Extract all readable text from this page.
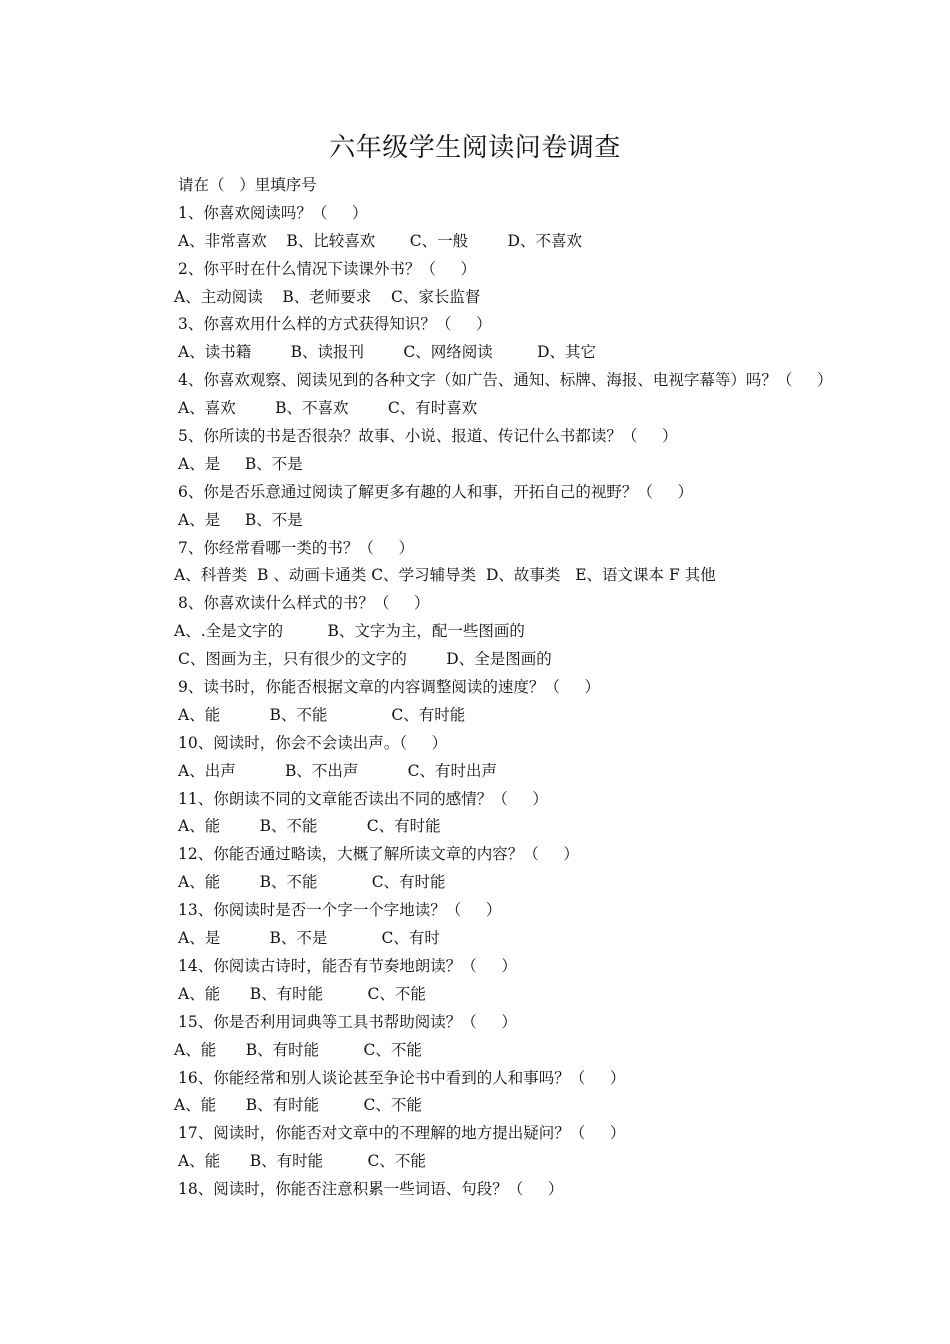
六年级学生阅读问卷调查
请在（   ）里填序号
1、你喜欢阅读吗？（     ）
A、非常喜欢    B、比较喜欢       C、一般        D、不喜欢
2、你平时在什么情况下读课外书？（     ）
A、主动阅读    B、老师要求    C、家长监督
3、你喜欢用什么样的方式获得知识？（     ）
A、读书籍        B、读报刊        C、网络阅读         D、其它
4、你喜欢观察、阅读见到的各种文字（如广告、通知、标牌、海报、电视字幕等）吗？（     ）
A、喜欢        B、不喜欢        C、有时喜欢
5、你所读的书是否很杂？故事、小说、报道、传记什么书都读？（     ）
A、是     B、不是
6、你是否乐意通过阅读了解更多有趣的人和事，开拓自己的视野？（     ）
A、是     B、不是
7、你经常看哪一类的书？（     ）
A、科普类  B 、动画卡通类 C、学习辅导类  D、故事类   E、语文课本 F 其他
8、你喜欢读什么样式的书？（     ）
A、.全是文字的         B、文字为主，配一些图画的
C、图画为主，只有很少的文字的        D、全是图画的
9、读书时，你能否根据文章的内容调整阅读的速度？（     ）
A、能          B、不能             C、有时能
10、阅读时，你会不会读出声。（     ）
A、出声          B、不出声          C、有时出声
11、你朗读不同的文章能否读出不同的感情？（     ）
A、能        B、不能          C、有时能
12、你能否通过略读，大概了解所读文章的内容？（     ）
A、能        B、不能           C、有时能
13、你阅读时是否一个字一个字地读？（     ）
A、是          B、不是           C、有时
14、你阅读古诗时，能否有节奏地朗读？（     ）
A、能      B、有时能         C、不能
15、你是否利用词典等工具书帮助阅读？（     ）
A、能      B、有时能         C、不能
16、你能经常和别人谈论甚至争论书中看到的人和事吗？（     ）
A、能      B、有时能         C、不能
17、阅读时，你能否对文章中的不理解的地方提出疑问？（     ）
A、能      B、有时能         C、不能
18、阅读时，你能否注意积累一些词语、句段？（     ）
